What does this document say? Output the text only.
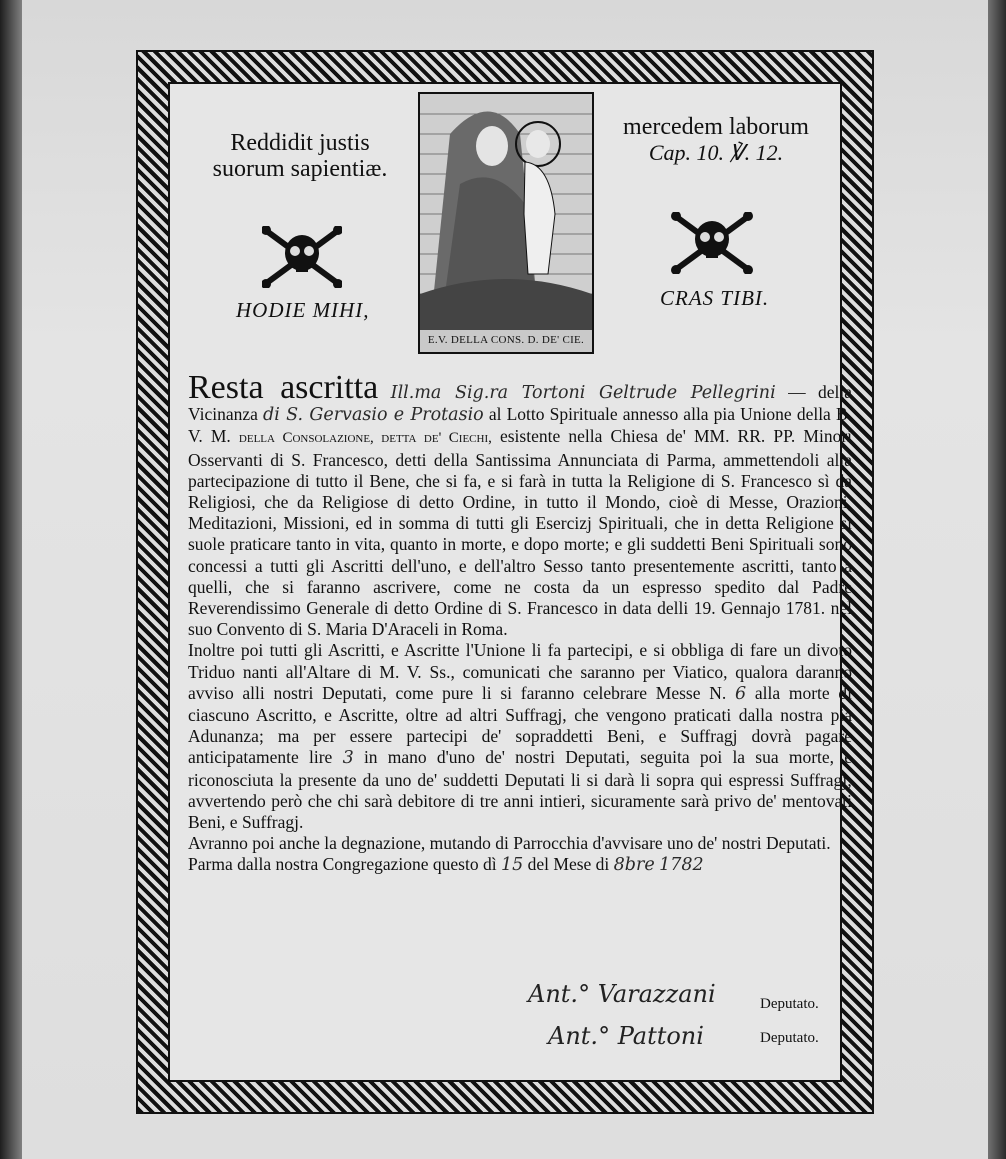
Reddidit justis
suorum sapientiæ.
mercedem laborum
Cap. 10. ℣. 12.
HODIE MIHI,	CRAS TIBI.
E.V. DELLA CONS. D. DE' CIE.

Resta ascritta Ill.ma Sig.ra Tortoni Geltrude Pellegrini — della Vicinanza di S. Gervasio e Protasio al Lotto Spirituale annesso alla pia Unione della B. V. M. della Consolazione, detta de' Ciechi, esistente nella Chiesa de' MM. RR. PP. Minori Osservanti di S. Francesco, detti della Santissima Annunciata di Parma, ammettendoli alla partecipazione di tutto il Bene, che si fa, e si farà in tutta la Religione di S. Francesco sì da Religiosi, che da Religiose di detto Ordine, in tutto il Mondo, cioè di Messe, Orazioni, Meditazioni, Missioni, ed in somma di tutti gli Esercizj Spirituali, che in detta Religione si suole praticare tanto in vita, quanto in morte, e dopo morte; e gli suddetti Beni Spirituali sono concessi a tutti gli Ascritti dell'uno, e dell'altro Sesso tanto presentemente ascritti, tanto a quelli, che si faranno ascrivere, come ne costa da un espresso spedito dal Padre Reverendissimo Generale di detto Ordine di S. Francesco in data delli 19. Gennajo 1781. nel suo Convento di S. Maria D'Araceli in Roma.

Inoltre poi tutti gli Ascritti, e Ascritte l'Unione li fa partecipi, e si obbliga di fare un divoto Triduo nanti all'Altare di M. V. Ss., comunicati che saranno per Viatico, qualora daranno avviso alli nostri Deputati, come pure li si faranno celebrare Messe N. 6 alla morte di ciascuno Ascritto, e Ascritte, oltre ad altri Suffragj, che vengono praticati dalla nostra pia Adunanza; ma per essere partecipi de' sopraddetti Beni, e Suffragj dovrà pagare anticipatamente lire 3 in mano d'uno de' nostri Deputati, seguita poi la sua morte, e riconosciuta la presente da uno de' suddetti Deputati li si darà li sopra qui espressi Suffragj; avvertendo però che chi sarà debitore di tre anni intieri, sicuramente sarà privo de' mentovati Beni, e Suffragj.

Avranno poi anche la degnazione, mutando di Parrocchia d'avvisare uno de' nostri Deputati.

Parma dalla nostra Congregazione questo dì 15 del Mese di 8bre 1782

Ant.° Varazzani	Deputato.
Ant.° Pattoni	Deputato.
